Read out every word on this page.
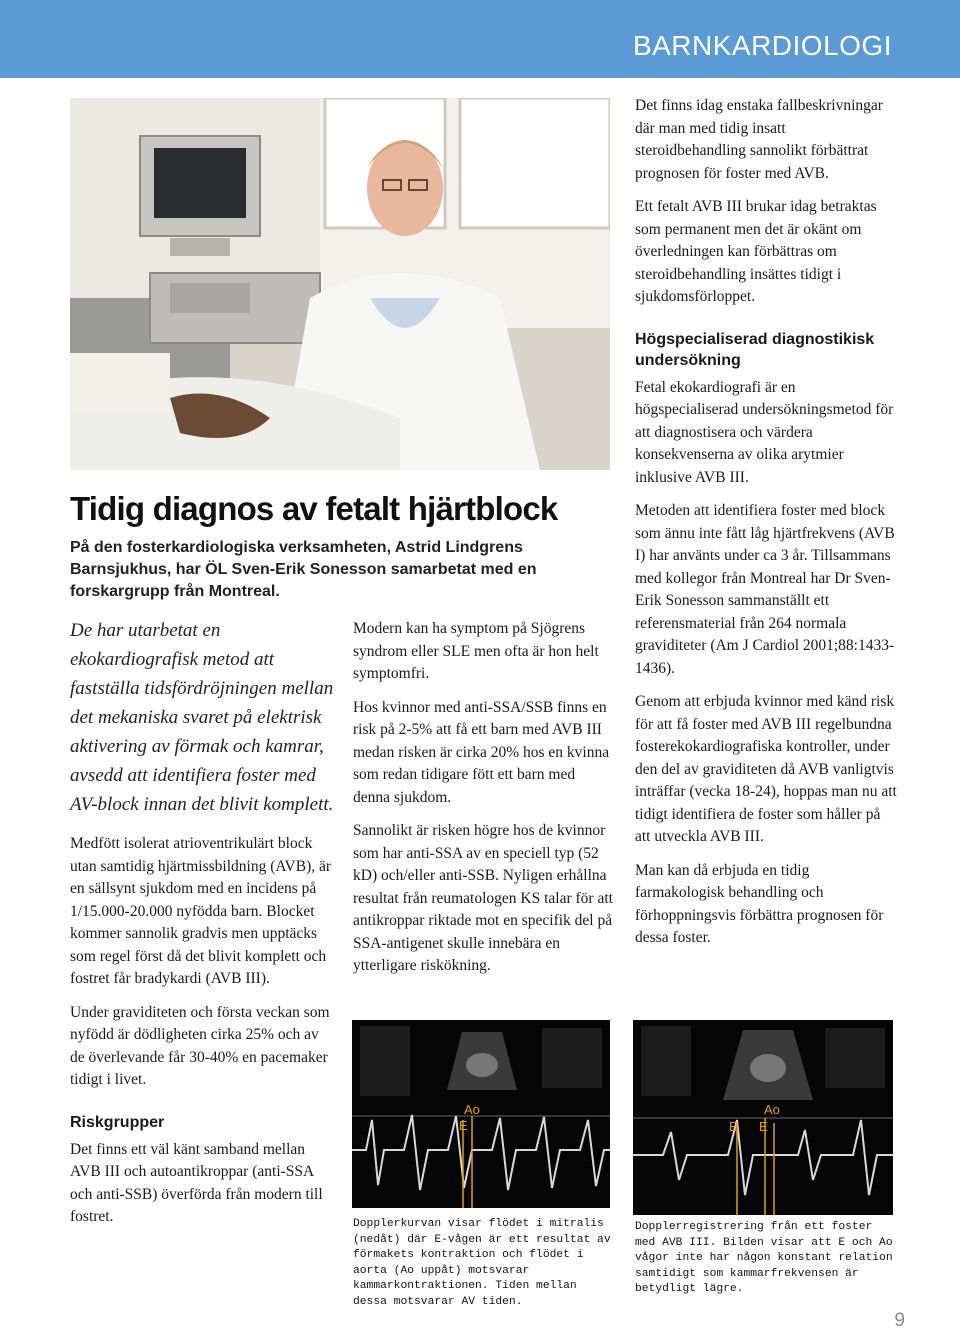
BARNKARDIOLOGI
Tidig diagnos av fetalt hjärtblock

På den fosterkardiologiska verksamheten, Astrid Lindgrens Barnsjukhus, har ÖL Sven-Erik Sonesson samarbetat med en forskargrupp från Montreal.

De har utarbetat en ekokardiografisk metod att fastställa tidsfördröjningen mellan det mekaniska svaret på elektrisk aktivering av förmak och kamrar, avsedd att identifiera foster med AV-block innan det blivit komplett.

Medfött isolerat atrioventrikulärt block utan samtidig hjärtmissbildning (AVB), är en sällsynt sjukdom med en incidens på 1/15.000-20.000 nyfödda barn. Blocket kommer sannolik gradvis men upptäcks som regel först då det blivit komplett och fostret får bradykardi (AVB III).

Under graviditeten och första veckan som nyfödd är dödligheten cirka 25% och av de överlevande får 30-40% en pacemaker tidigt i livet.

Riskgrupper

Det finns ett väl känt samband mellan AVB III och autoantikroppar (anti-SSA och anti-SSB) överförda från modern till fostret.

Modern kan ha symptom på Sjögrens syndrom eller SLE men ofta är hon helt symptomfri.

Hos kvinnor med anti-SSA/SSB finns en risk på 2-5% att få ett barn med AVB III medan risken är cirka 20% hos en kvinna som redan tidigare fött ett barn med denna sjukdom.

Sannolikt är risken högre hos de kvinnor som har anti-SSA av en speciell typ (52 kD) och/eller anti-SSB. Nyligen erhållna resultat från reumatologen KS talar för att antikroppar riktade mot en specifik del på SSA-antigenet skulle innebära en ytterligare riskökning.

Det finns idag enstaka fallbeskrivningar där man med tidig insatt steroidbehandling sannolikt förbättrat prognosen för foster med AVB.

Ett fetalt AVB III brukar idag betraktas som permanent men det är okänt om överledningen kan förbättras om steroidbehandling insättes tidigt i sjukdomsförloppet.

Högspecialiserad diagnostikisk undersökning

Fetal ekokardiografi är en högspecialiserad undersökningsmetod för att diagnostisera och värdera konsekvenserna av olika arytmier inklusive AVB III.

Metoden att identifiera foster med block som ännu inte fått låg hjärtfrekvens (AVB I) har använts under ca 3 år. Tillsammans med kollegor från Montreal har Dr Sven-Erik Sonesson sammanställt ett referensmaterial från 264 normala graviditeter (Am J Cardiol 2001;88:1433-1436).

Genom att erbjuda kvinnor med känd risk för att få foster med AVB III regelbundna fosterekokardiografiska kontroller, under den del av graviditeten då AVB vanligtvis inträffar (vecka 18-24), hoppas man nu att tidigt identifiera de foster som håller på att utveckla AVB III.

Man kan då erbjuda en tidig farmakologisk behandling och förhoppningsvis förbättra prognosen för dessa foster.

Ao
E
Dopplerkurvan visar flödet i mitralis (nedåt) där E-vågen är ett resultat av förmakets kontraktion och flödet i aorta (Ao uppåt) motsvarar kammarkontraktionen. Tiden mellan dessa motsvarar AV tiden.
E
Ao
E
Dopplerregistrering från ett foster med AVB III. Bilden visar att E och Ao vågor inte har någon konstant relation samtidigt som kammarfrekvensen är betydligt lägre.
9
